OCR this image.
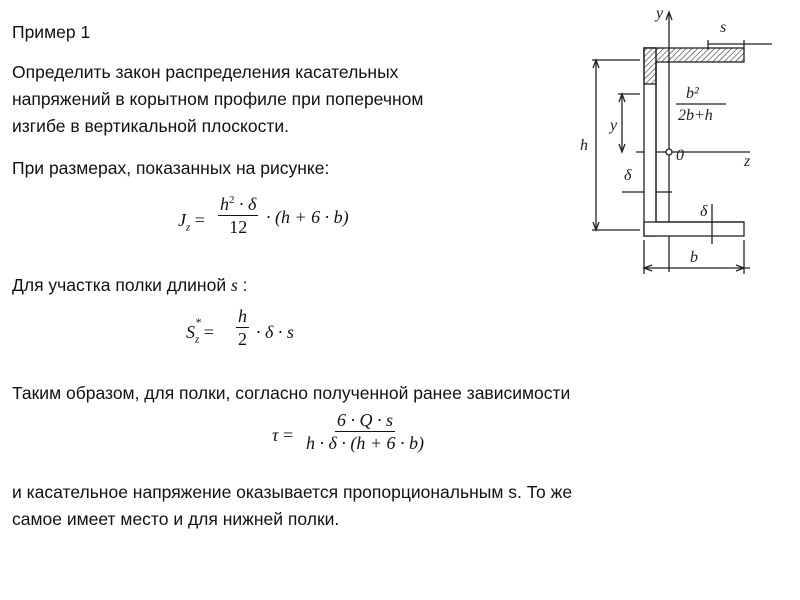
Пример 1
Определить закон распределения касательных
напряжений в корытном профиле при поперечном
изгибе в вертикальной плоскости.
При размерах, показанных на рисунке:
$J_z = \frac{h^2 \cdot \delta}{12} \cdot (h + 6 \cdot b)$
Для участка полки длиной s :
S *
$_z = \frac{h}{2} \cdot \delta \cdot s$
Таким образом, для полки, согласно полученной ранее зависимости
$\tau = \frac{6 \cdot Q \cdot s}{h \cdot \delta \cdot (h + 6 \cdot b)}$
и касательное напряжение оказывается пропорциональным s. То же
самое имеет место и для нижней полки.
y
s
b²
2b+h
y
h
0	z
δ
δ
b
